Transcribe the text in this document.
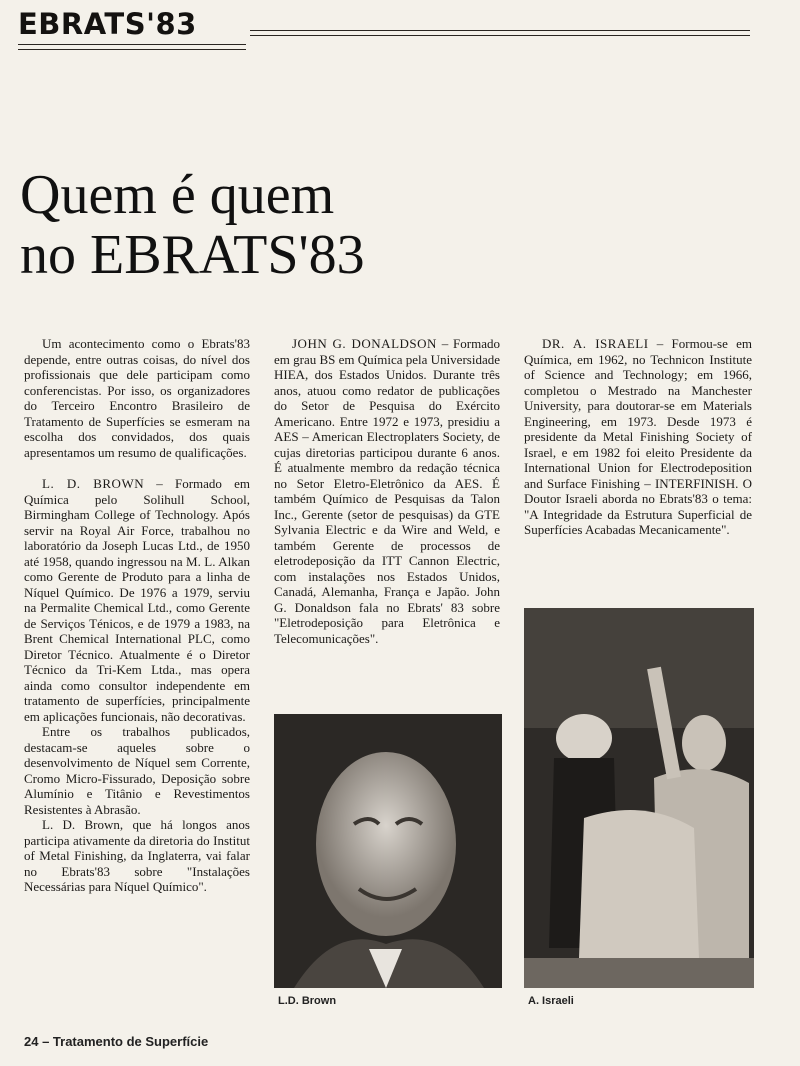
EBRATS'83
Quem é quem
no EBRATS'83

Um acontecimento como o Ebrats'83 depende, entre outras coisas, do nível dos profissionais que dele participam como conferencistas. Por isso, os organizadores do Terceiro Encontro Brasileiro de Tratamento de Superfícies se esmeram na escolha dos convidados, dos quais apresentamos um resumo de qualificações.

L. D. BROWN – Formado em Química pelo Solihull School, Birmingham College of Technology. Após servir na Royal Air Force, trabalhou no laboratório da Joseph Lucas Ltd., de 1950 até 1958, quando ingressou na M. L. Alkan como Gerente de Produto para a linha de Níquel Químico. De 1976 a 1979, serviu na Permalite Chemical Ltd., como Gerente de Serviços Ténicos, e de 1979 a 1983, na Brent Chemical International PLC, como Diretor Técnico. Atualmente é o Diretor Técnico da Tri-Kem Ltda., mas opera ainda como consultor independente em tratamento de superfícies, principalmente em aplicações funcionais, não decorativas.

Entre os trabalhos publicados, destacam-se aqueles sobre o desenvolvimento de Níquel sem Corrente, Cromo Micro-Fissurado, Deposição sobre Alumínio e Titânio e Revestimentos Resistentes à Abrasão.

L. D. Brown, que há longos anos participa ativamente da diretoria do Institut of Metal Finishing, da Inglaterra, vai falar no Ebrats'83 sobre "Instalações Necessárias para Níquel Químico".

JOHN G. DONALDSON – Formado em grau BS em Química pela Universidade HIEA, dos Estados Unidos. Durante três anos, atuou como redator de publicações do Setor de Pesquisa do Exército Americano. Entre 1972 e 1973, presidiu a AES – American Electroplaters Society, de cujas diretorias participou durante 6 anos. É atualmente membro da redação técnica no Setor Eletro-Eletrônico da AES. É também Químico de Pesquisas da Talon Inc., Gerente (setor de pesquisas) da GTE Sylvania Electric e da Wire and Weld, e também Gerente de processos de eletrodeposição da ITT Cannon Electric, com instalações nos Estados Unidos, Canadá, Alemanha, França e Japão. John G. Donaldson fala no Ebrats' 83 sobre "Eletrodeposição para Eletrônica e Telecomunicações".

DR. A. ISRAELI – Formou-se em Química, em 1962, no Technicon Institute of Science and Technology; em 1966, completou o Mestrado na Manchester University, para doutorar-se em Materials Engineering, em 1973. Desde 1973 é presidente da Metal Finishing Society of Israel, e em 1982 foi eleito Presidente da International Union for Electrodeposition and Surface Finishing – INTERFINISH. O Doutor Israeli aborda no Ebrats'83 o tema: "A Integridade da Estrutura Superficial de Superfícies Acabadas Mecanicamente".

L.D. Brown	A. Israeli
24 – Tratamento de Superfície
